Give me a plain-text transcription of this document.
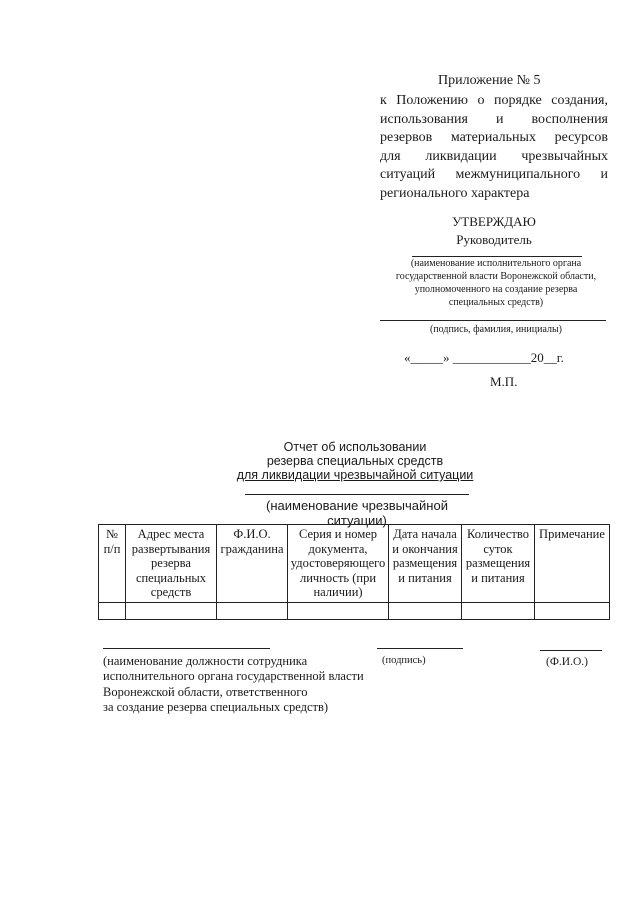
Приложение № 5
к Положению о порядке создания,
использования и восполнения
резервов материальных ресурсов
для ликвидации чрезвычайных
ситуаций межмуниципального и
регионального характера
УТВЕРЖДАЮ
Руководитель
(наименование исполнительного органа
государственной власти Воронежской области,
уполномоченного на создание резерва
специальных средств)
(подпись, фамилия, инициалы)
«_____» ____________20__г.
М.П.
Отчет об использовании
резерва специальных средств
для ликвидации чрезвычайной ситуации
(наименование чрезвычайной ситуации)
№ п/п	Адрес места развертывания резерва специальных средств	Ф.И.О. гражданина	Серия и номер документа, удостоверяющего личность (при наличии)	Дата начала и окончания размещения и питания	Количество суток размещения и питания	Примечание

(наименование должности сотрудника
исполнительного органа государственной власти
Воронежской области, ответственного
за создание резерва специальных средств)
(подпись)	(Ф.И.О.)
